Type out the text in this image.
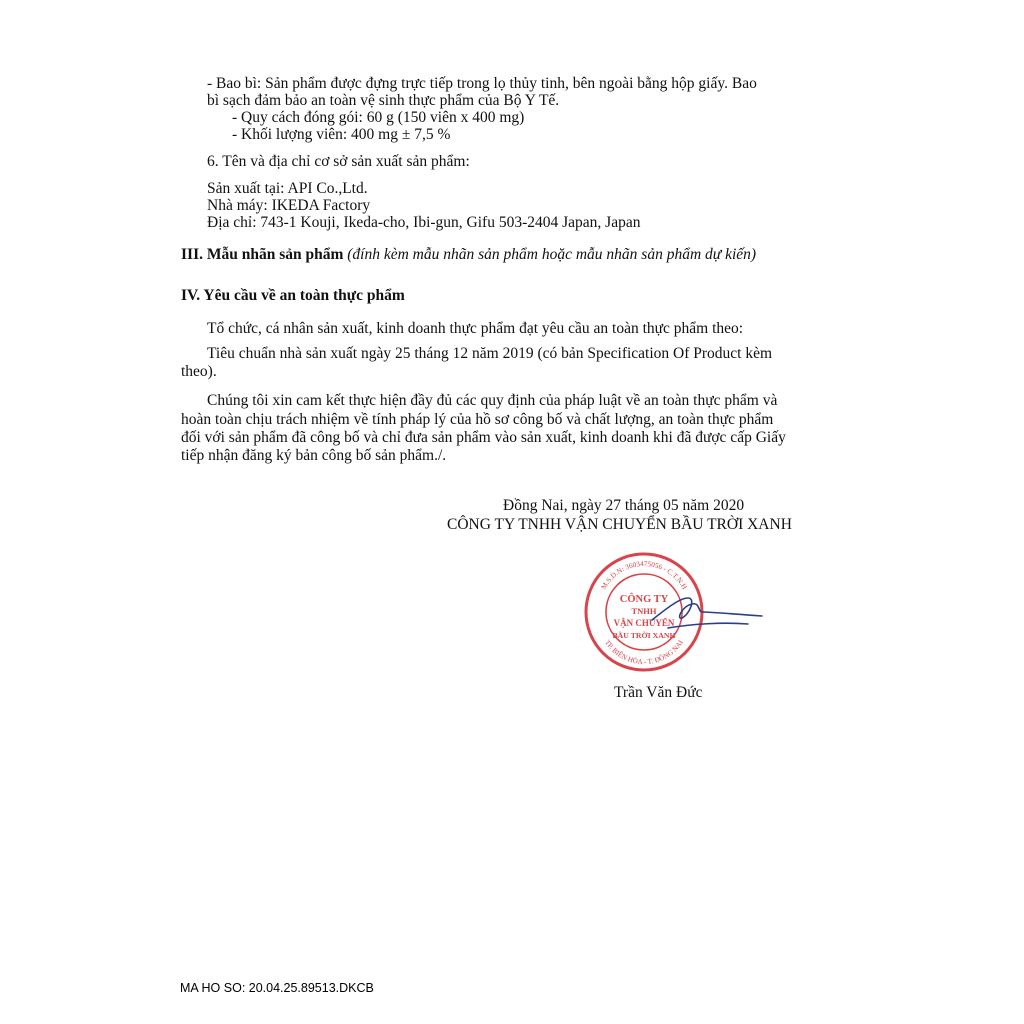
- Bao bì: Sản phẩm được đựng trực tiếp trong lọ thủy tinh, bên ngoài bằng hộp giấy. Bao
bì sạch đảm bảo an toàn vệ sinh thực phẩm của Bộ Y Tế.
- Quy cách đóng gói: 60 g (150 viên x 400 mg)
- Khối lượng viên: 400 mg ± 7,5 %
6. Tên và địa chỉ cơ sở sản xuất sản phẩm:
Sản xuất tại: API Co.,Ltd.
Nhà máy: IKEDA Factory
Địa chỉ: 743-1 Kouji, Ikeda-cho, Ibi-gun, Gifu 503-2404 Japan, Japan
III. Mẫu nhãn sản phẩm (đính kèm mẫu nhãn sản phẩm hoặc mẫu nhãn sản phẩm dự kiến)
IV. Yêu cầu về an toàn thực phẩm
Tổ chức, cá nhân sản xuất, kinh doanh thực phẩm đạt yêu cầu an toàn thực phẩm theo:
Tiêu chuẩn nhà sản xuất ngày 25 tháng 12 năm 2019 (có bản Specification Of Product kèm
theo).
Chúng tôi xin cam kết thực hiện đầy đủ các quy định của pháp luật về an toàn thực phẩm và
hoàn toàn chịu trách nhiệm về tính pháp lý của hồ sơ công bố và chất lượng, an toàn thực phẩm
đối với sản phẩm đã công bố và chỉ đưa sản phẩm vào sản xuất, kinh doanh khi đã được cấp Giấy
tiếp nhận đăng ký bản công bố sản phẩm./.
Đồng Nai, ngày 27 tháng 05 năm 2020
CÔNG TY TNHH VẬN CHUYỂN BẦU TRỜI XANH
CÔNG TY
TNHH
VẬN CHUYỂN
BẦU TRỜI XANH
M.S.D.N: 3603475056 - C.T.N.H
TP. BIÊN HÒA - T. ĐỒNG NAI
Trần Văn Đức
MA HO SO: 20.04.25.89513.DKCB
